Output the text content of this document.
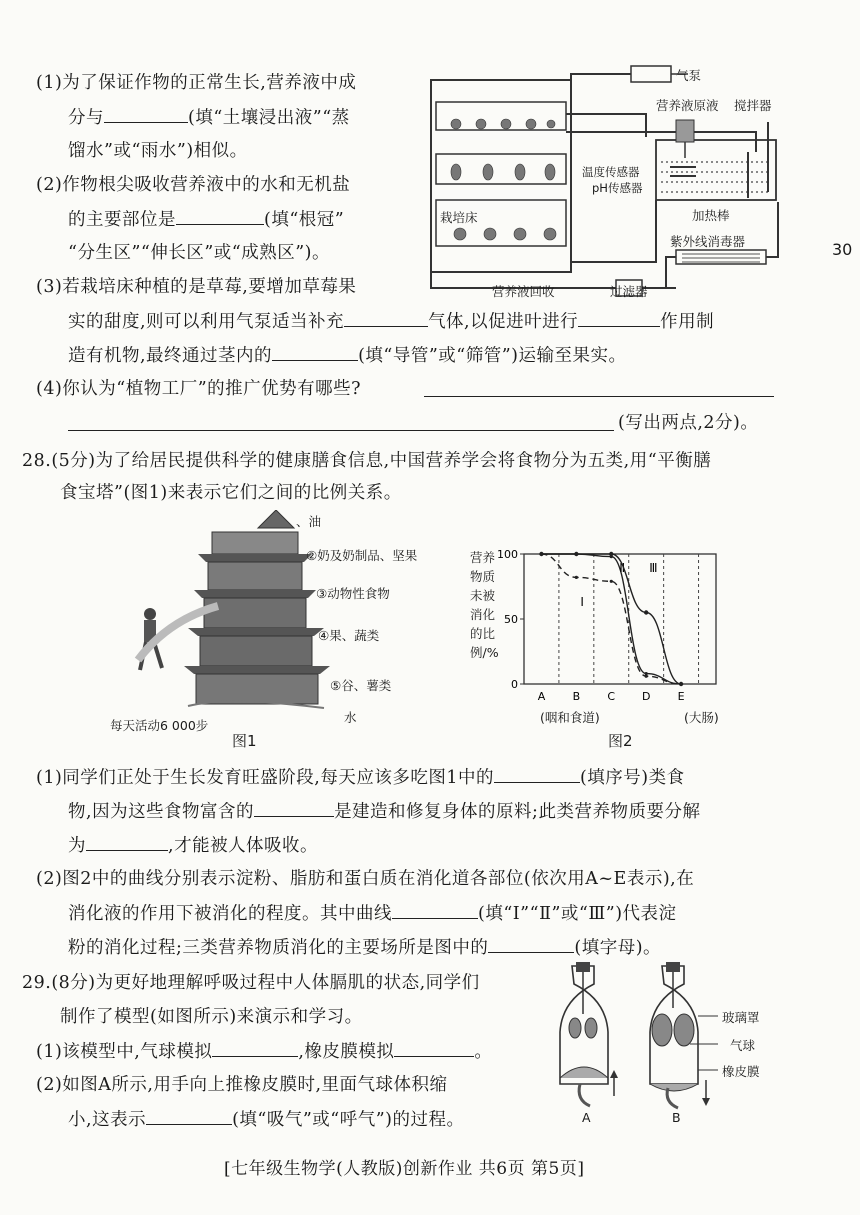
(1)为了保证作物的正常生长,营养液中成
分与	(填“土壤浸出液”“蒸
馏水”或“雨水”)相似。
(2)作物根尖吸收营养液中的水和无机盐
的主要部位是	(填“根冠”
“分生区”“伸长区”或“成熟区”)。
(3)若栽培床种植的是草莓,要增加草莓果
实的甜度,则可以利用气泵适当补充	气体,以促进叶进行	作用制
造有机物,最终通过茎内的	(填“导管”或“筛管”)运输至果实。
(4)你认为“植物工厂”的推广优势有哪些?
(写出两点,2分)。
30
气泵
营养液原液 搅拌器
温度传感器
pH传感器
栽培床	加热棒
紫外线消毒器
营养液回收	过滤器
28.(5分)为了给居民提供科学的健康膳食信息,中国营养学会将食物分为五类,用“平衡膳
食宝塔”(图1)来表示它们之间的比例关系。
、油
②奶及奶制品、坚果
③动物性食物
④果、蔬类
⑤谷、薯类
水
每天活动6 000步
图1
营养
物质
未被
消化
的比
例/%
0
50
100
A B C D E
Ⅰ
Ⅱ Ⅲ
(咽和食道)	(大肠)
图2
(1)同学们正处于生长发育旺盛阶段,每天应该多吃图1中的	(填序号)类食
物,因为这些食物富含的	是建造和修复身体的原料;此类营养物质要分解
为	,才能被人体吸收。
(2)图2中的曲线分别表示淀粉、脂肪和蛋白质在消化道各部位(依次用A~E表示),在
消化液的作用下被消化的程度。其中曲线	(填“Ⅰ”“Ⅱ”或“Ⅲ”)代表淀
粉的消化过程;三类营养物质消化的主要场所是图中的	(填字母)。
29.(8分)为更好地理解呼吸过程中人体膈肌的状态,同学们
制作了模型(如图所示)来演示和学习。
(1)该模型中,气球模拟	,橡皮膜模拟	。
(2)如图A所示,用手向上推橡皮膜时,里面气球体积缩
小,这表示	(填“吸气”或“呼气”)的过程。
玻璃罩
气球
橡皮膜
A	B
[七年级生物学(人教版)创新作业 共6页 第5页]
